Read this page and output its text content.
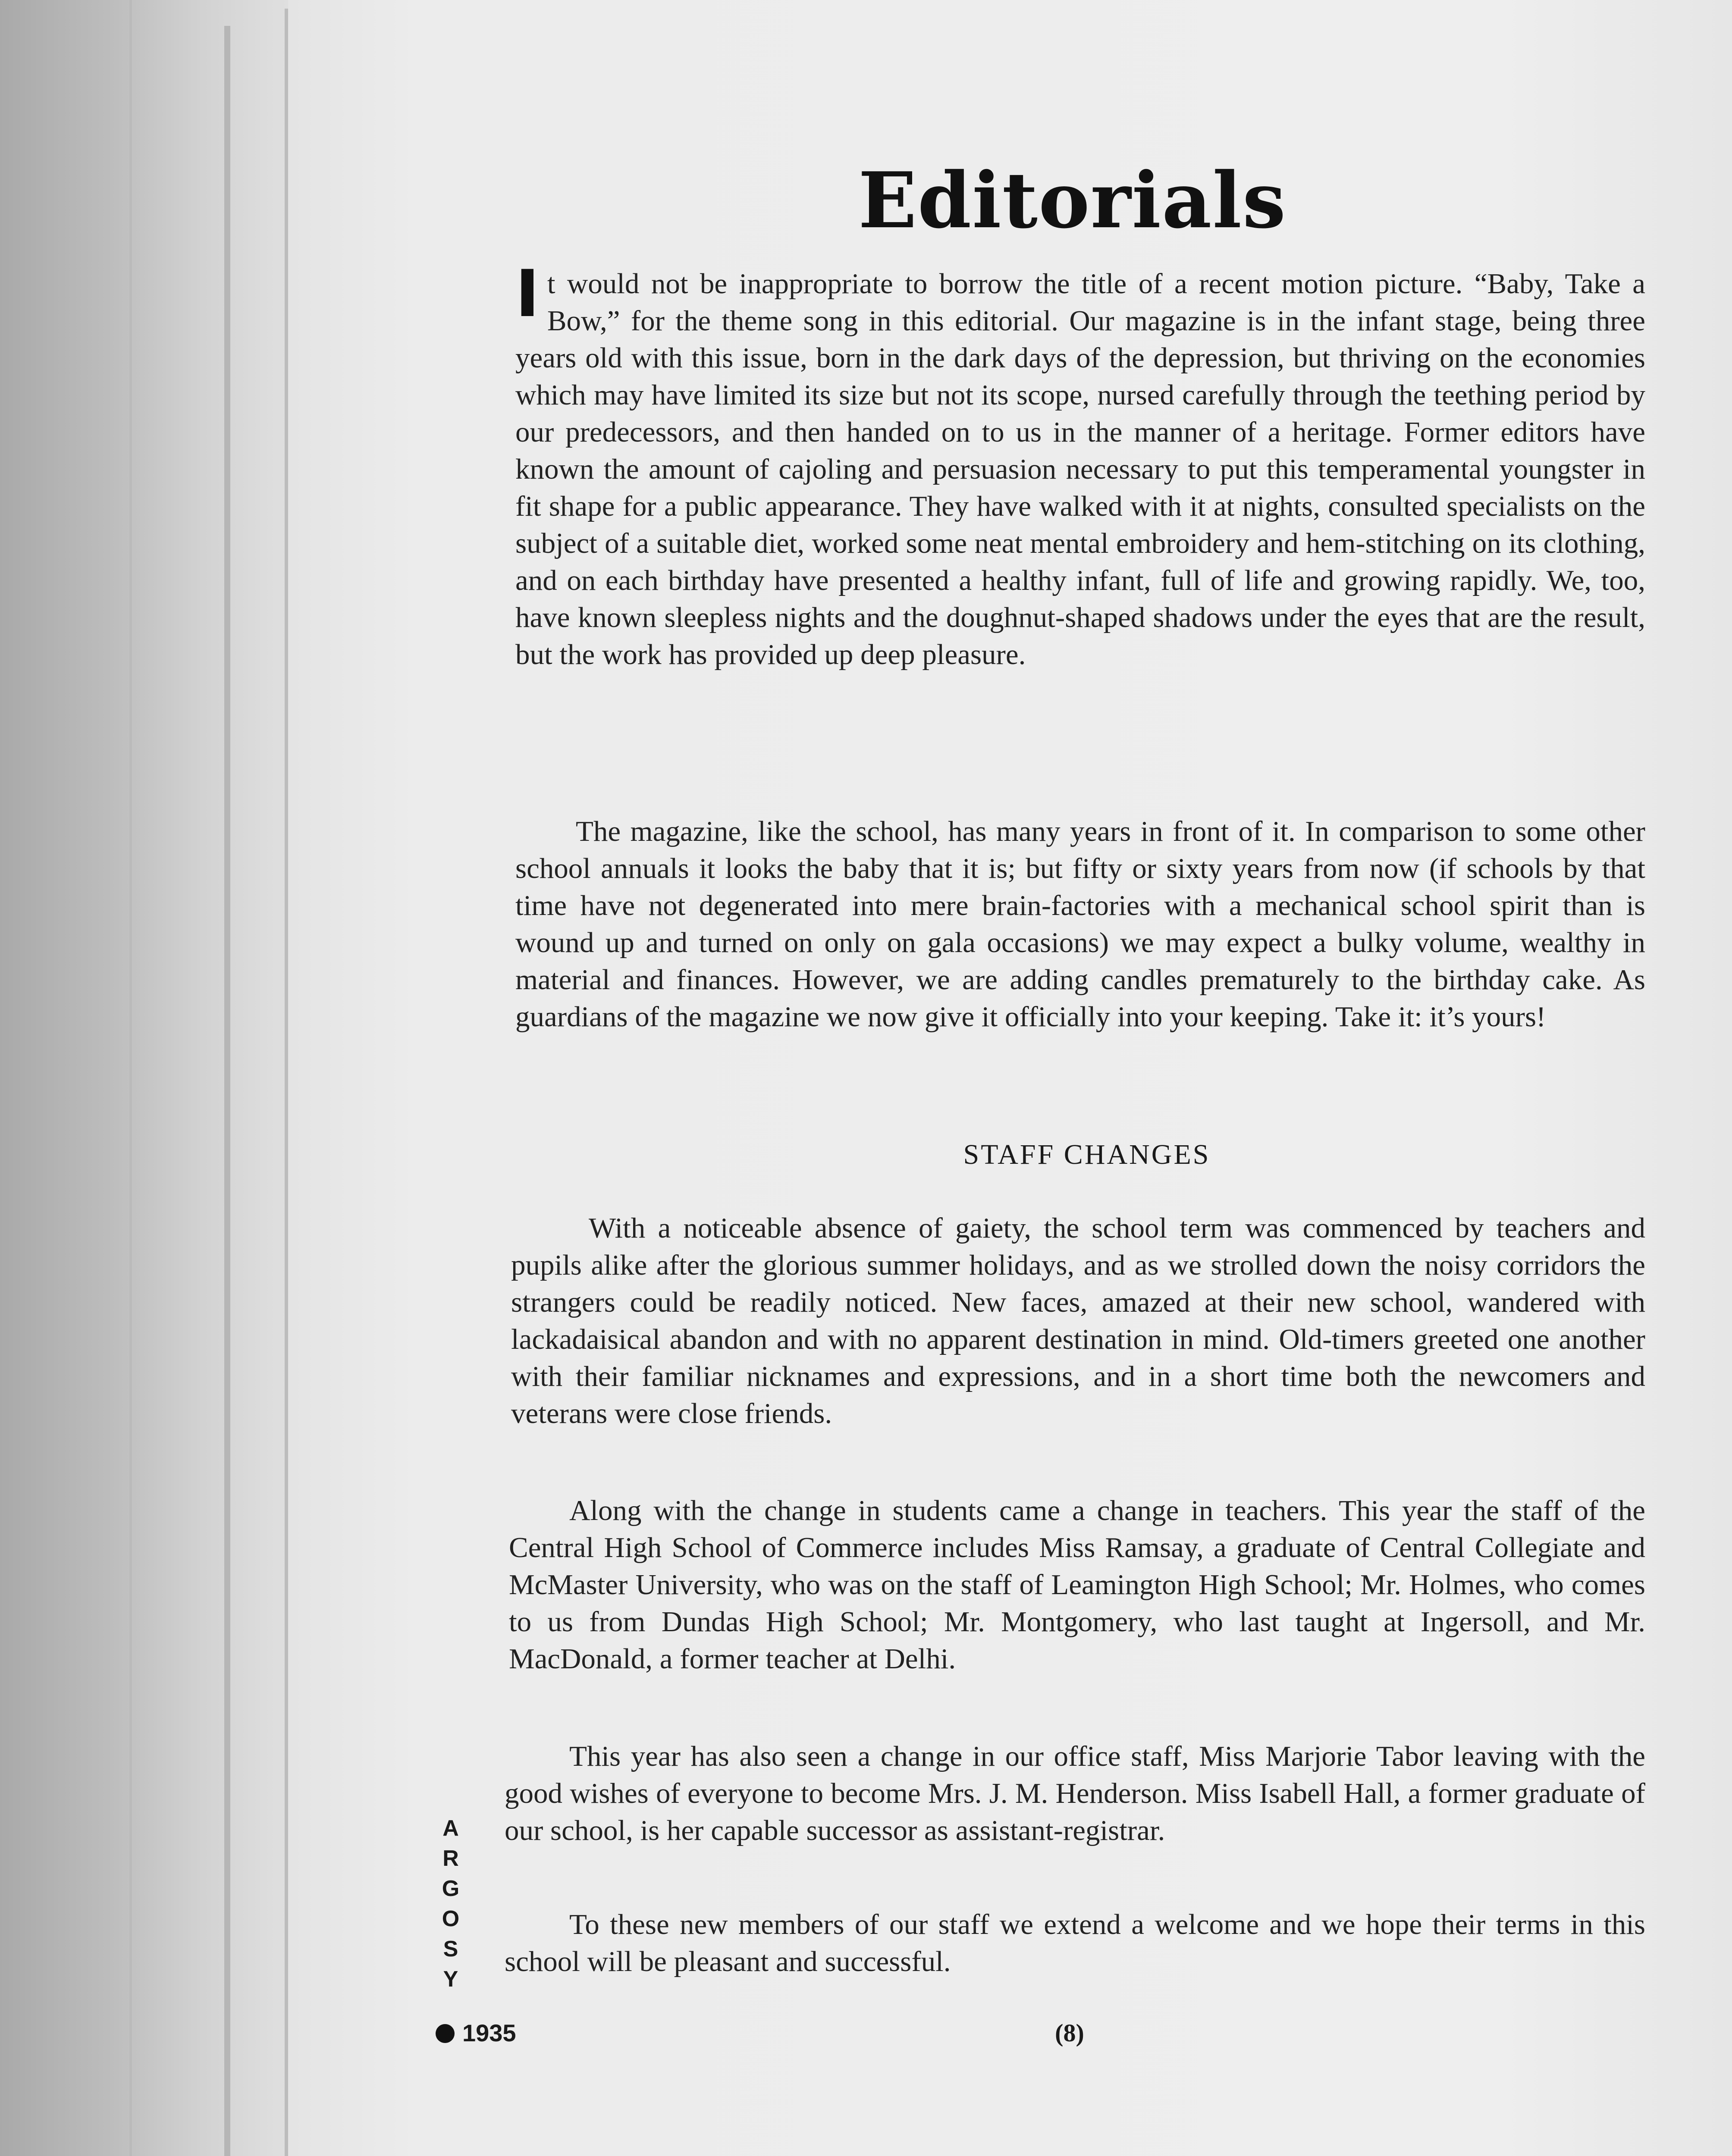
Editorials
It would not be inappropriate to borrow the title of a recent motion picture. “Baby, Take a Bow,” for the theme song in this editorial. Our magazine is in the infant stage, being three years old with this issue, born in the dark days of the depression, but thriving on the economies which may have limited its size but not its scope, nursed carefully through the teething period by our predecessors, and then handed on to us in the manner of a heritage. Former editors have known the amount of cajoling and persuasion necessary to put this temperamental youngster in fit shape for a public appearance. They have walked with it at nights, consulted specialists on the subject of a suitable diet, worked some neat mental embroidery and hem-stitching on its clothing, and on each birthday have presented a healthy infant, full of life and growing rapidly. We, too, have known sleepless nights and the doughnut-shaped shadows under the eyes that are the result, but the work has provided up deep pleasure.
The magazine, like the school, has many years in front of it. In comparison to some other school annuals it looks the baby that it is; but fifty or sixty years from now (if schools by that time have not degenerated into mere brain-factories with a mechanical school spirit than is wound up and turned on only on gala occasions) we may expect a bulky volume, wealthy in material and finances. However, we are adding candles prematurely to the birthday cake. As guardians of the magazine we now give it officially into your keeping. Take it: it’s yours!
STAFF CHANGES
With a noticeable absence of gaiety, the school term was commenced by teachers and pupils alike after the glorious summer holidays, and as we strolled down the noisy corridors the strangers could be readily noticed. New faces, amazed at their new school, wandered with lackadaisical abandon and with no apparent destination in mind. Old-timers greeted one another with their familiar nicknames and expressions, and in a short time both the newcomers and veterans were close friends.
Along with the change in students came a change in teachers. This year the staff of the Central High School of Commerce includes Miss Ramsay, a graduate of Central Collegiate and McMaster University, who was on the staff of Leamington High School; Mr. Holmes, who comes to us from Dundas High School; Mr. Montgomery, who last taught at Ingersoll, and Mr. MacDonald, a former teacher at Delhi.
This year has also seen a change in our office staff, Miss Marjorie Tabor leaving with the good wishes of everyone to become Mrs. J. M. Henderson. Miss Isabell Hall, a former graduate of our school, is her capable successor as assistant-registrar.
To these new members of our staff we extend a welcome and we hope their terms in this school will be pleasant and successful.
A
R
G
O
S
Y
1935	(8)
